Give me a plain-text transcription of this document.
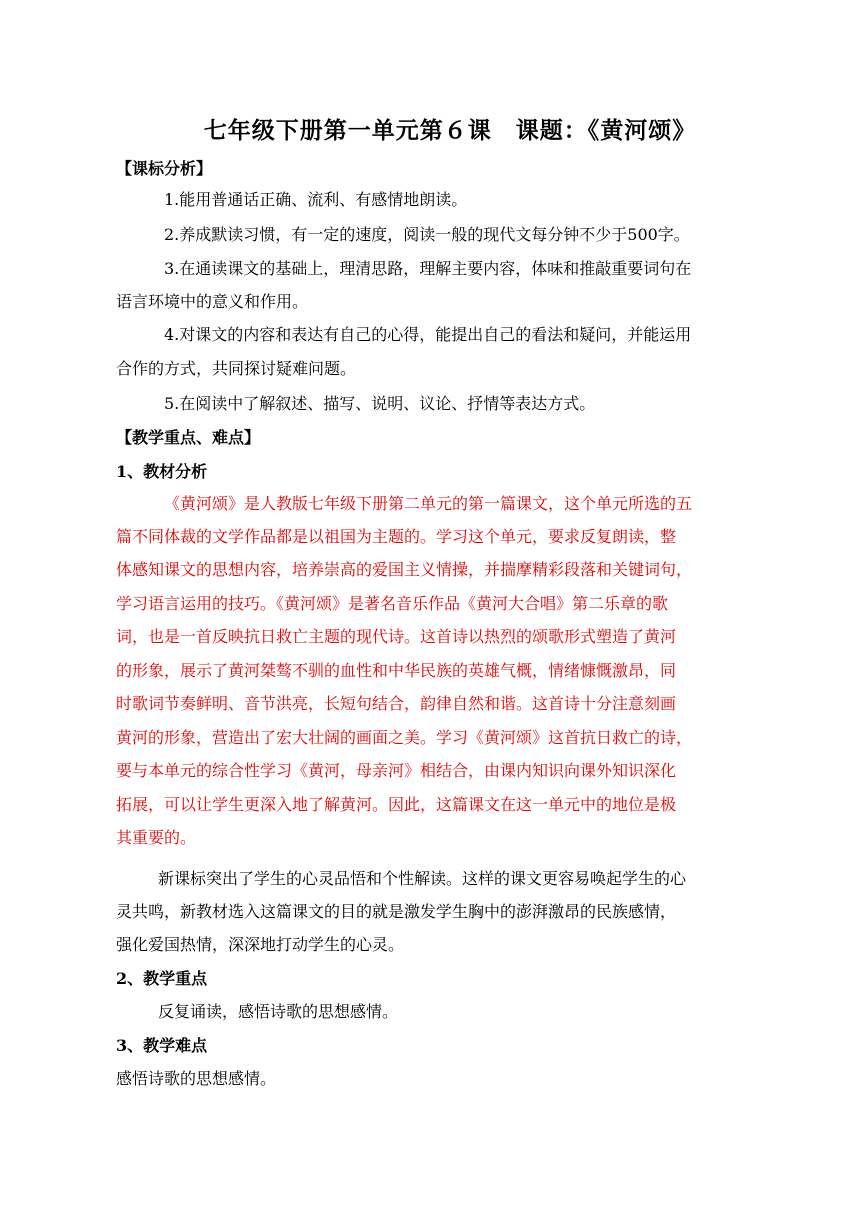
七年级下册第一单元第６课　课题：《黄河颂》
【课标分析】
1.能用普通话正确、流利、有感情地朗读。
2.养成默读习惯，有一定的速度，阅读一般的现代文每分钟不少于500字。
3.在通读课文的基础上，理清思路，理解主要内容，体味和推敲重要词句在
语言环境中的意义和作用。
4.对课文的内容和表达有自己的心得，能提出自己的看法和疑问，并能运用
合作的方式，共同探讨疑难问题。
5.在阅读中了解叙述、描写、说明、议论、抒情等表达方式。
【教学重点、难点】
1、教材分析
《黄河颂》是人教版七年级下册第二单元的第一篇课文，这个单元所选的五
篇不同体裁的文学作品都是以祖国为主题的。学习这个单元，要求反复朗读，整
体感知课文的思想内容，培养崇高的爱国主义情操，并揣摩精彩段落和关键词句，
学习语言运用的技巧。《黄河颂》是著名音乐作品《黄河大合唱》第二乐章的歌
词，也是一首反映抗日救亡主题的现代诗。这首诗以热烈的颂歌形式塑造了黄河
的形象，展示了黄河桀骜不驯的血性和中华民族的英雄气概，情绪慷慨激昂，同
时歌词节奏鲜明、音节洪亮，长短句结合，韵律自然和谐。这首诗十分注意刻画
黄河的形象，营造出了宏大壮阔的画面之美。学习《黄河颂》这首抗日救亡的诗，
要与本单元的综合性学习《黄河，母亲河》相结合，由课内知识向课外知识深化
拓展，可以让学生更深入地了解黄河。因此，这篇课文在这一单元中的地位是极
其重要的。
新课标突出了学生的心灵品悟和个性解读。这样的课文更容易唤起学生的心
灵共鸣，新教材选入这篇课文的目的就是激发学生胸中的澎湃激昂的民族感情，
强化爱国热情，深深地打动学生的心灵。
2、教学重点
反复诵读，感悟诗歌的思想感情。
3、教学难点
感悟诗歌的思想感情。
